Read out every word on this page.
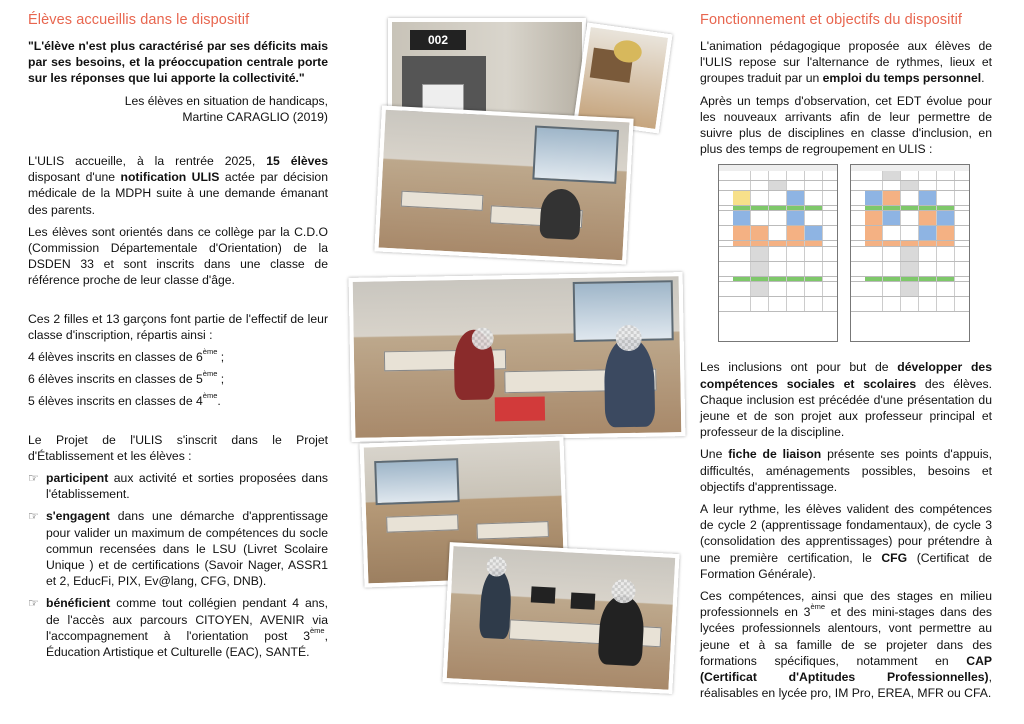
Élèves accueillis dans le dispositif

"L'élève n'est plus caractérisé par ses déficits mais par ses besoins, et la préoccupation centrale porte sur les réponses que lui apporte la collectivité."

Les élèves en situation de handicaps,

Martine CARAGLIO (2019)

L'ULIS accueille, à la rentrée 2025, 15 élèves disposant d'une notification ULIS actée par décision médicale de la MDPH suite à une demande émanant des parents.

Les élèves sont orientés dans ce collège par la C.D.O (Commission Départementale d'Orientation) de la DSDEN 33 et sont inscrits dans une classe de référence proche de leur classe d'âge.

Ces 2 filles et 13 garçons font partie de l'effectif de leur classe d'inscription, répartis ainsi :

4 élèves inscrits en classes de 6ème ;

6 élèves inscrits en classes de 5ème ;

5 élèves inscrits en classes de 4ème.

Le Projet de l'ULIS s'inscrit dans le Projet d'Établissement et les élèves :

☞ participent aux activité et sorties proposées dans l'établissement.
☞ s'engagent dans une démarche d'apprentissage pour valider un maximum de compétences du socle commun recensées dans le LSU (Livret Scolaire Unique ) et de certifications (Savoir Nager, ASSR1 et 2, EducFi, PIX, Ev@lang, CFG, DNB).
☞ bénéficient comme tout collégien pendant 4 ans, de l'accès aux parcours CITOYEN, AVENIR via l'accompagnement à l'orientation post 3ème, Éducation Artistique et Culturelle (EAC), SANTÉ.
002
Fonctionnement et objectifs du dispositif

L'animation pédagogique proposée aux élèves de l'ULIS repose sur l'alternance de rythmes, lieux et groupes traduit par un emploi du temps personnel.

Après un temps d'observation, cet EDT évolue pour les nouveaux arrivants afin de leur permettre de suivre plus de disciplines en classe d'inclusion, en plus des temps de regroupement en ULIS :

Les inclusions ont pour but de développer des compétences sociales et scolaires des élèves. Chaque inclusion est précédée d'une présentation du jeune et de son projet aux professeur principal et professeur de la discipline.

Une fiche de liaison présente ses points d'appuis, difficultés, aménagements possibles, besoins et objectifs d'apprentissage.

A leur rythme, les élèves valident des compétences de cycle 2 (apprentissage fondamentaux), de cycle 3 (consolidation des apprentissages) pour prétendre à une première certification, le CFG (Certificat de Formation Générale).

Ces compétences, ainsi que des stages en milieu professionnels en 3ème et des mini-stages dans des lycées professionnels alentours, vont permettre au jeune et à sa famille de se projeter dans des formations spécifiques, notamment en CAP (Certificat d'Aptitudes Professionnelles), réalisables en lycée pro, IM Pro, EREA, MFR ou CFA.
